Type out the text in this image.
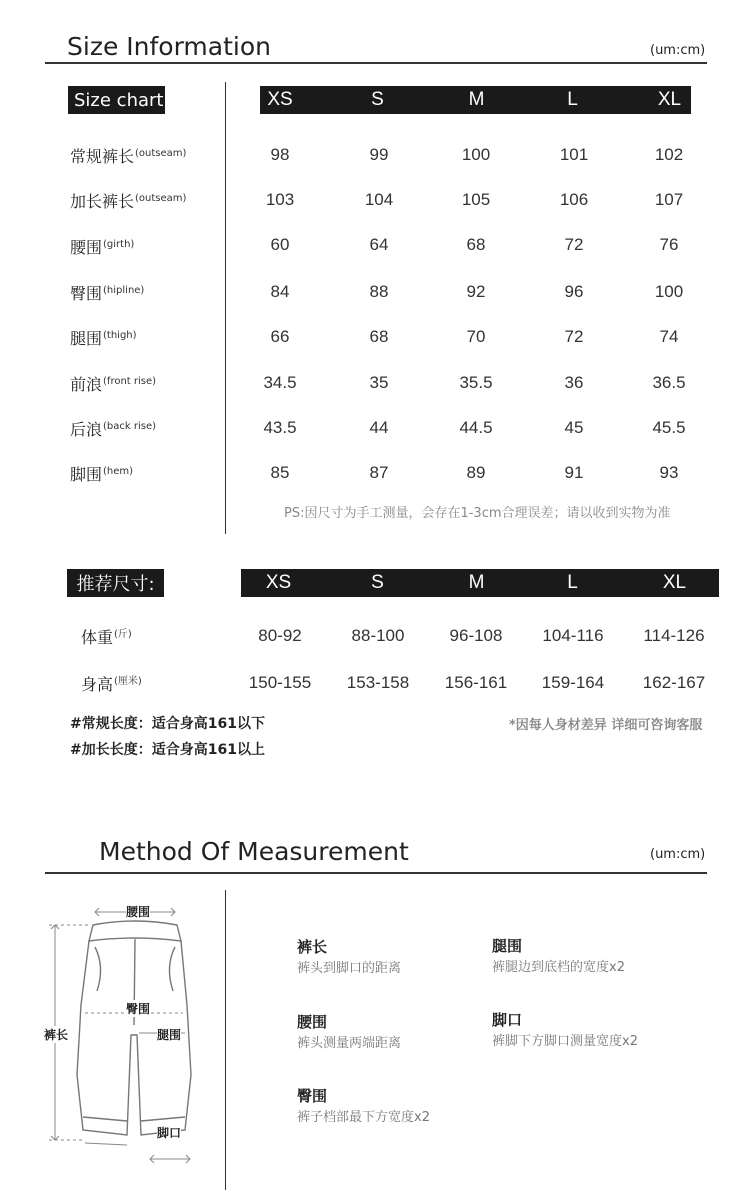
Size Information	(um:cm)
Size chart:	XS	S	M	L	XL
常规裤长$^{(outseam)}$	98	99	100	101	102
加长裤长$^{(outseam)}$	103	104	105	106	107
腰围$^{(girth)}$	60	64	68	72	76
臀围$^{(hipline)}$	84	88	92	96	100
腿围$^{(thigh)}$	66	68	70	72	74
前浪$^{(front rise)}$	34.5	35	35.5	36	36.5
后浪$^{(back rise)}$	43.5	44	44.5	45	45.5
脚围$^{(hem)}$	85	87	89	91	93
PS:因尺寸为手工测量，会存在1-3cm合理误差；请以收到实物为准
推荐尺寸:	XS	S	M	L	XL
体重$^{(斤)}$	80-92	88-100	96-108	104-116	114-126
身高$^{(厘米)}$	150-155	153-158	156-161	159-164	162-167
#常规长度：适合身高161以下
#加长长度：适合身高161以上
*因每人身材差异 详细可咨询客服
Method Of Measurement	(um:cm)
腰围
臀围
腿围
裤长
脚口
裤长
裤头到脚口的距离
腿围
裤腿边到底档的宽度x2
腰围
裤头测量两端距离
脚口
裤脚下方脚口测量宽度x2
臀围
裤子档部最下方宽度x2
